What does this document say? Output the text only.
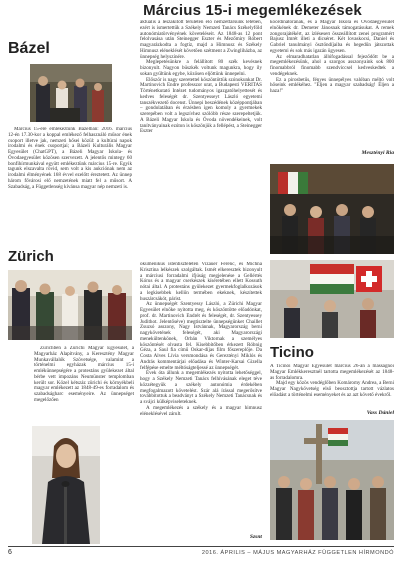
Március 15-i megemlékezések
Bázel

Március 15-ére emlékeztünk Bázelban: 2016. március 12-én 17.30-kor a koppal emlékező felhasználó műsor ének csoport illetve jak, nemzeti hősei közül: a kultúrai napok irodalmi és ének csoportjai; a Bázeli Kulturális Magyar Egyesület (ChatGPT), a Bázeli Magyar Iskola- és Óvodaegyesület közösen szervezett. A jelentős mintegy 60 bonfihírmunkával együtt emlékeztünk március 15-re. Egyik tagunk elszavalta rövid, sem volt a kis aukciónak nem az irodalmi élményének 168 évvel ezelőtt éreztetett. Az ünnep három fővárosi elő nemzetének miatt fel a műsort. A Szabadság, a Függetlenség kívánsa magyar nép nemzeti is.

Zürich

Zürichben a Zürichi Magyar Egyesület, a Magyarház Alapítvány, a Keresztény Magyar Munkavállalók Szövetsége, valamint a történelmi egyházak március 15-i emlékünnepségére a protestáns gyülekezet által bérbe vett impozáns Neumünster templomban került sor. Közel kétszáz zürichi és környékbeli magyar emlékezett az 1848-49-es forradalom és szabadságharc eseményeire. Az ünnepséget megelőzően

aktuális a leszakított területen élő nemzettársunk létében, ezért is ismertettük a Székely Nemzeti Tanács Székelyföld autonómiatörvényének követeléseit. Az 1848-as 12 pont felolvasása után Steinegger Eszter és Mezőmiry Róbert magyarázkodta a fogtíz, majd a Himnusz és Székely Himnusz eléneklését követően szétment a Zwingliházba, az ünnepség helyszínére.

Meglepetésünkre a felállított 80 szék kevésnek bizonyult. Nagyon büszkék voltunk magunkra, hogy ily sokan gyűltünk egybe, közösen eljöttünk ünnepelni.

Először is nagy szeretettel köszöntöttük szónokunkat Dr. Martinovich Endre professzor urat, a Budapesti VERITAS Történetkutató Intézet tudományos igazgatóhelyettesét és kedves feleségét dr. Szentyesseyt László egyetemi tanszékvezető docenst. Ünnepi beszédének középpontjában – gondolatában és érzésben igen komoly a gyermekek szerepében volt a legszívhez szólóbb része szerepeltetjük. A Bázeli Magyar Iskola és Óvoda növendékeinek, volt tanítványainak ezúton is köszönjük a fellépést, a Steinegger Eszter

ökumenikus istentiszteleten Vizauer Ferenc, és Michna Krisztina lelkészek szolgáltak. Ismét elkeresztek bizonyult a márciusi forradalmi ifjúság megjelenése a Gellértés Kórus és a magyar cserkészek kíséretében ellett Kossuth nótai által. A protestáns gyülekezet gyermekfoglalkozások a legkisebbek kellőn termében ekeknek, készítettek huszárcsákót, párist.

Az ünnepségét Szentyessy László, a Zürichi Magyar Egyesület elnöke nyitotta meg, és köszöntötte előadónkat, prof. dr. Martinovich Endrét és feleségét, dr. Szentyessey Judithot. Jelentőséve) megtisztelte ünnepségünket Chaillet Zsuzsó asszony, Nagy Istvánnak, Magyarország berni nagykövetének feleségét, aki Magyarországi menekültenkönek, Orbán Viktornak a személyes köszöntését olvasta fel. Kisebbítőben érkezett Róbnig Géza, a Saul fia című Oskar-díjas film főszereplője. Da Costa Alves Lívia versmondása és Gereztényi Miklós és András kommentárjai előadása és Winter-Karsai Gizella felfépése emelte méltóságteljessé az ünnepségét.

Évek óta állunk a megemlékezés nyitotta lehetőséggel, hogy a Székely Nemzeti Tanács felhívásának eleget téve közzétegyük a székely autonómia érdekében megfogalmazott követelést. Szár alá írással megerősítve továbbítottuk a beadványt a Székely Nemzeti Tanácsnak és a svájci külképviseleteknek.

A megemlékezés a székely és a magyar himnusz eléneklésével zárult.

Szsnt

koordinátorának, és a Magyar Iskola és Óvodaegyesület elnökének dr. Demeter Jánosnak támogatásukat. A remek zongorajátékért, az ízléseseп összeállított zenei programért Bajusz Imrét illeti a dicséret. Két lovaskocsi, Daniel és Gabriel tanulmányi ösztöndíjaiba és hegedűn játszottak egyetemi és sok más igazán ügyesen.

Az elmaradhatatlan állófogadással fejeződött be a megemlékezésünk, ahol a szorgos asszonyaink sok 800 finomabbról finomabb szendviccsel kedveskedtek a vendégeknek.

Ez a pirosbetűs, fényes ünnepélyes valóban méltó volt hőseink emlékéhez. "Éljen a magyar szabadság! Éljen a haza!"

Mesztényi Ria
Ticino

A Ticinói Magyar Egyesület március 26-án a massagnói Magyar Emlékkeresztnél tartotta megemlékezését az 1848-as forradalomra.

Majd egy közös vendéglőben Komáromy Andrea, a Berni Magyar Nagykövetség első beosztottja tartott vázlatos előadást a történelmi eseményeket és az azt követő évekről.

Vass Dániel
6	2016. ÁPRILIS – MÁJUS MAGYARHÁZ FÜGGETLEN HÍRMONDÓ
